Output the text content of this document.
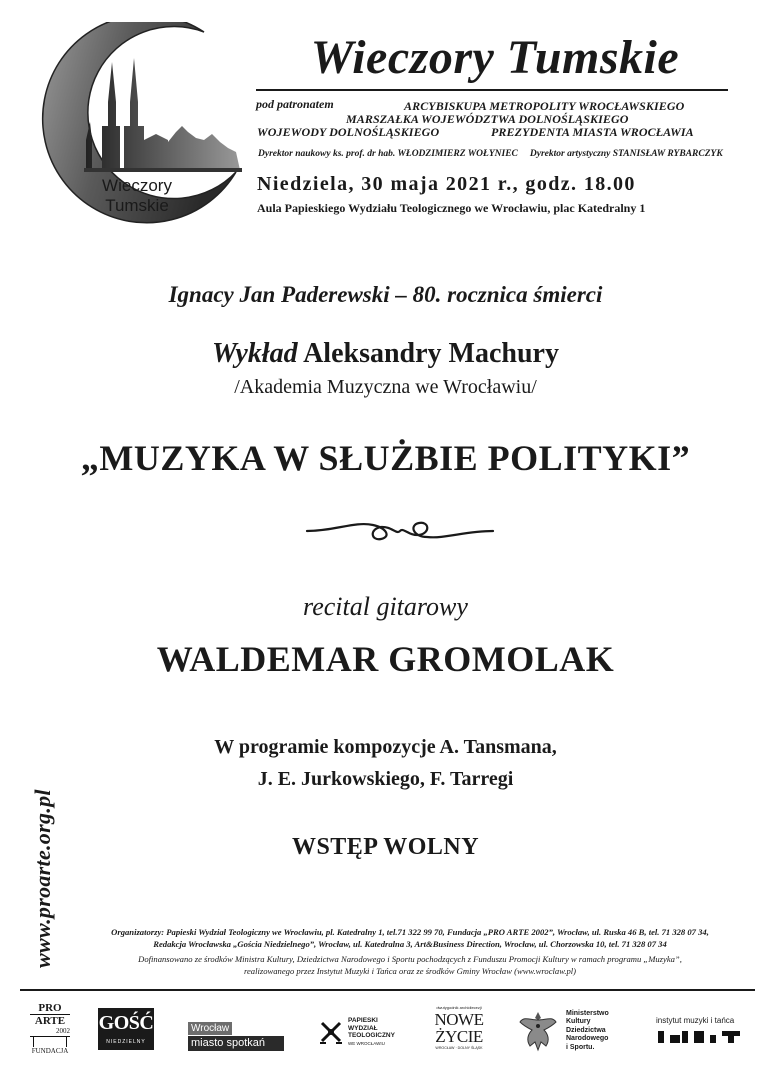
Wieczory
Tumskie
Wieczory Tumskie
pod patronatem	ARCYBISKUPA METROPOLITY WROCŁAWSKIEGO
MARSZAŁKA WOJEWÓDZTWA DOLNOŚLĄSKIEGO
WOJEWODY DOLNOŚLĄSKIEGO	PREZYDENTA MIASTA WROCŁAWIA
Dyrektor naukowy ks. prof. dr hab. WŁODZIMIERZ WOŁYNIEC Dyrektor artystyczny STANISŁAW RYBARCZYK
Niedziela, 30 maja 2021 r., godz. 18.00
Aula Papieskiego Wydziału Teologicznego we Wrocławiu, plac Katedralny 1
Ignacy Jan Paderewski – 80. rocznica śmierci
Wykład Aleksandry Machury
/Akademia Muzyczna we Wrocławiu/
„MUZYKA W SŁUŻBIE POLITYKI”
recital gitarowy
WALDEMAR GROMOLAK
W programie kompozycje A. Tansmana,
J. E. Jurkowskiego, F. Tarregi
WSTĘP WOLNY
www.proarte.org.pl	Organizatorzy: Papieski Wydział Teologiczny we Wrocławiu, pl. Katedralny 1, tel.71 322 99 70, Fundacja „PRO ARTE 2002”, Wrocław, ul. Ruska 46 B, tel. 71 328 07 34,
Redakcja Wrocławska „Gościa Niedzielnego”, Wrocław, ul. Katedralna 3, Art&Business Direction, Wrocław, ul. Chorzowska 10, tel. 71 328 07 34
Dofinansowano ze środków Ministra Kultury, Dziedzictwa Narodowego i Sportu pochodzących z Funduszu Promocji Kultury w ramach programu „Muzyka”,
realizowanego przez Instytut Muzyki i Tańca oraz ze środków Gminy Wrocław (www.wroclaw.pl)
PRO
ARTE
2002
FUNDACJA
GOŚĆ
NIEDZIELNY
Wrocław
miasto spotkań
PAPIESKI
WYDZIAŁ
TEOLOGICZNY
WE WROCŁAWIU
dwutygodnik archidiecezji
NOWE
ŻYCIE
WROCŁAW · DOLNY ŚLĄSK
Ministerstwo
Kultury
Dziedzictwa
Narodowego
i Sportu.
instytut muzyki i tańca
